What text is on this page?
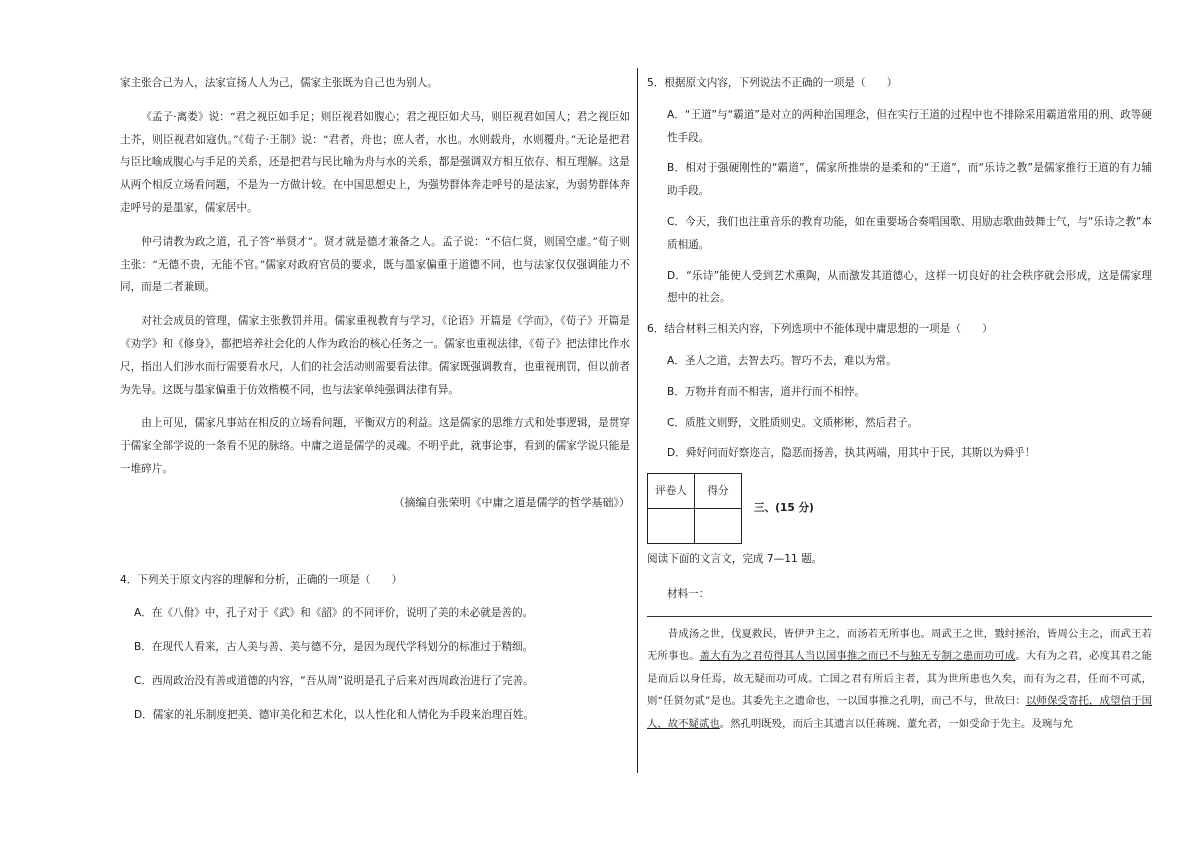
家主张合己为人，法家宣扬人人为己，儒家主张既为自己也为别人。

《孟子·离娄》说：“君之视臣如手足；则臣视君如腹心；君之视臣如犬马，则臣视君如国人；君之视臣如土芥，则臣视君如寇仇。”《荀子·王制》说：“君者，舟也；庶人者，水也。水则载舟，水则覆舟。”无论是把君与臣比喻成腹心与手足的关系，还是把君与民比喻为舟与水的关系，都是强调双方相互依存、相互理解。这是从两个相反立场看问题，不是为一方做计较。在中国思想史上，为强势群体奔走呼号的是法家，为弱势群体奔走呼号的是墨家，儒家居中。

仲弓请教为政之道，孔子答“举贤才”。贤才就是德才兼备之人。孟子说：“不信仁贤，则国空虚。”荀子则主张：“无德不贵，无能不官。”儒家对政府官员的要求，既与墨家偏重于道德不同，也与法家仅仅强调能力不同，而是二者兼顾。

对社会成员的管理，儒家主张教罚并用。儒家重视教育与学习，《论语》开篇是《学而》，《荀子》开篇是《劝学》和《修身》，都把培养社会化的人作为政治的核心任务之一。儒家也重视法律，《荀子》把法律比作水尺，指出人们涉水而行需要看水尺，人们的社会活动则需要看法律。儒家既强调教育，也重视刑罚，但以前者为先导。这既与墨家偏重于仿效楷模不同，也与法家单纯强调法律有异。

由上可见，儒家凡事站在相反的立场看问题，平衡双方的利益。这是儒家的思维方式和处事逻辑，是贯穿于儒家全部学说的一条看不见的脉络。中庸之道是儒学的灵魂。不明乎此，就事论事，看到的儒家学说只能是一堆碎片。

（摘编自张荣明《中庸之道是儒学的哲学基础》）

4．下列关于原文内容的理解和分析，正确的一项是（　　）

A．在《八佾》中，孔子对于《武》和《韶》的不同评价，说明了美的未必就是善的。

B．在现代人看来，古人美与善、美与德不分，是因为现代学科划分的标准过于精细。

C．西周政治没有善或道德的内容，“吾从周”说明是孔子后来对西周政治进行了完善。

D．儒家的礼乐制度把美、德审美化和艺术化，以人性化和人情化为手段来治理百姓。

5．根据原文内容，下列说法不正确的一项是（　　）

A．“王道”与“霸道”是对立的两种治国理念，但在实行王道的过程中也不排除采用霸道常用的刑、政等硬性手段。

B．相对于强硬刚性的“霸道”，儒家所推崇的是柔和的“王道”，而“乐诗之教”是儒家推行王道的有力辅助手段。

C．今天，我们也注重音乐的教育功能，如在重要场合奏唱国歌、用励志歌曲鼓舞士气，与“乐诗之教”本质相通。

D．“乐诗”能使人受到艺术熏陶，从而激发其道德心，这样一切良好的社会秩序就会形成，这是儒家理想中的社会。

6．结合材料三相关内容，下列选项中不能体现中庸思想的一项是（　　）

A．圣人之道，去智去巧。智巧不去，难以为常。

B．万物并育而不相害，道并行而不相悖。

C．质胜文则野，文胜质则史。文质彬彬，然后君子。

D．舜好问而好察迩言，隐恶而扬善，执其两端，用其中于民，其斯以为舜乎！

评卷人	得分

三、(15 分)

阅读下面的文言文，完成 7—11 题。

材料一：

昔成汤之世，伐夏救民，皆伊尹主之，而汤若无所事也。周武王之世，戮纣拯治，皆周公主之，而武王若无所事也。盖大有为之君苟得其人当以国事推之而已不与独无专制之患而功可成。大有为之君，必度其君之能是而后以身任焉，故无疑而功可成。亡国之君有所后主者，其为世所患也久矣，而有为之君，任而不可贰，则“任贤勿贰”是也。其委先主之遗命也，一以国事推之孔明，而己不与，世故曰：以师保受寄托，成望信于国人，故不疑贰也。然孔明既殁，而后主其遗言以任蒋琬、董允者，一如受命于先主。及琬与允
